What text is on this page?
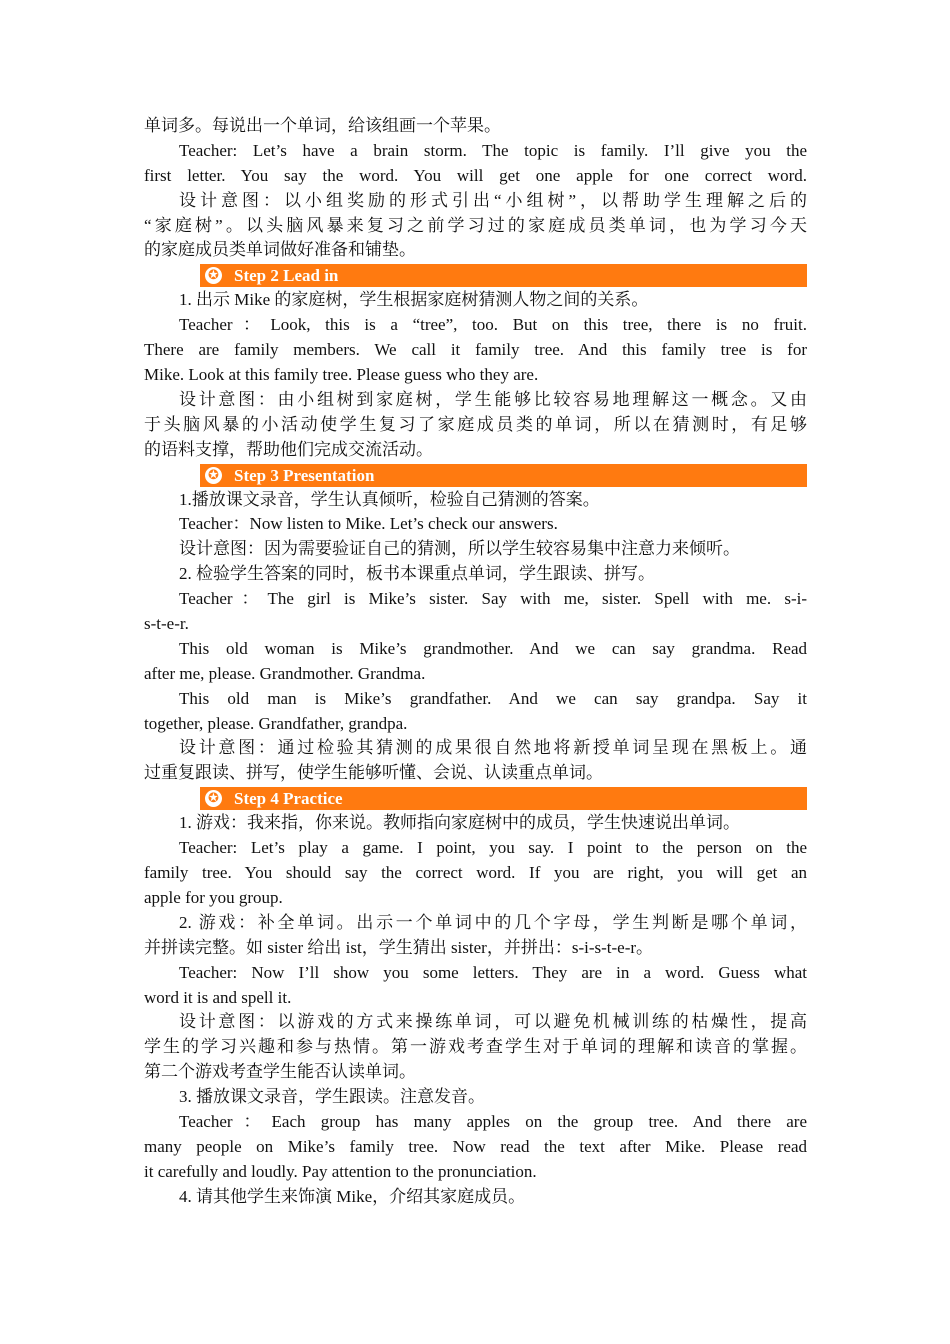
单词多。每说出一个单词，给该组画一个苹果。
Teacher: Let’s have a brain storm. The topic is family. I’ll give you the
first letter. You say the word. You will get one apple for one correct word.
设计意图：以小组奖励的形式引出“小组树”，以帮助学生理解之后的
“家庭树”。以头脑风暴来复习之前学习过的家庭成员类单词，也为学习今天
的家庭成员类单词做好准备和铺垫。
✪ Step 2 Lead in
1. 出示 Mike 的家庭树，学生根据家庭树猜测人物之间的关系。
Teacher：Look, this is a “tree”, too. But on this tree, there is no fruit.
There are family members. We call it family tree. And this family tree is for
Mike. Look at this family tree. Please guess who they are.
设计意图：由小组树到家庭树，学生能够比较容易地理解这一概念。又由
于头脑风暴的小活动使学生复习了家庭成员类的单词，所以在猜测时，有足够
的语料支撑，帮助他们完成交流活动。
✪ Step 3 Presentation
1.播放课文录音，学生认真倾听，检验自己猜测的答案。
Teacher：Now listen to Mike. Let’s check our answers.
设计意图：因为需要验证自己的猜测，所以学生较容易集中注意力来倾听。
2. 检验学生答案的同时，板书本课重点单词，学生跟读、拼写。
Teacher：The girl is Mike’s sister. Say with me, sister. Spell with me. s-i-
s-t-e-r.
This old woman is Mike’s grandmother. And we can say grandma. Read
after me, please. Grandmother. Grandma.
This old man is Mike’s grandfather. And we can say grandpa. Say it
together, please. Grandfather, grandpa.
设计意图：通过检验其猜测的成果很自然地将新授单词呈现在黑板上。通
过重复跟读、拼写，使学生能够听懂、会说、认读重点单词。
✪ Step 4 Practice
1. 游戏：我来指，你来说。教师指向家庭树中的成员，学生快速说出单词。
Teacher: Let’s play a game. I point, you say. I point to the person on the
family tree. You should say the correct word. If you are right, you will get an
apple for you group.
2. 游戏：补全单词。出示一个单词中的几个字母，学生判断是哪个单词，
并拼读完整。如 sister 给出 ist，学生猜出 sister，并拼出：s-i-s-t-e-r。
Teacher: Now I’ll show you some letters. They are in a word. Guess what
word it is and spell it.
设计意图：以游戏的方式来操练单词，可以避免机械训练的枯燥性，提高
学生的学习兴趣和参与热情。第一游戏考查学生对于单词的理解和读音的掌握。
第二个游戏考查学生能否认读单词。
3. 播放课文录音，学生跟读。注意发音。
Teacher：Each group has many apples on the group tree. And there are
many people on Mike’s family tree. Now read the text after Mike. Please read
it carefully and loudly. Pay attention to the pronunciation.
4. 请其他学生来饰演 Mike，介绍其家庭成员。
